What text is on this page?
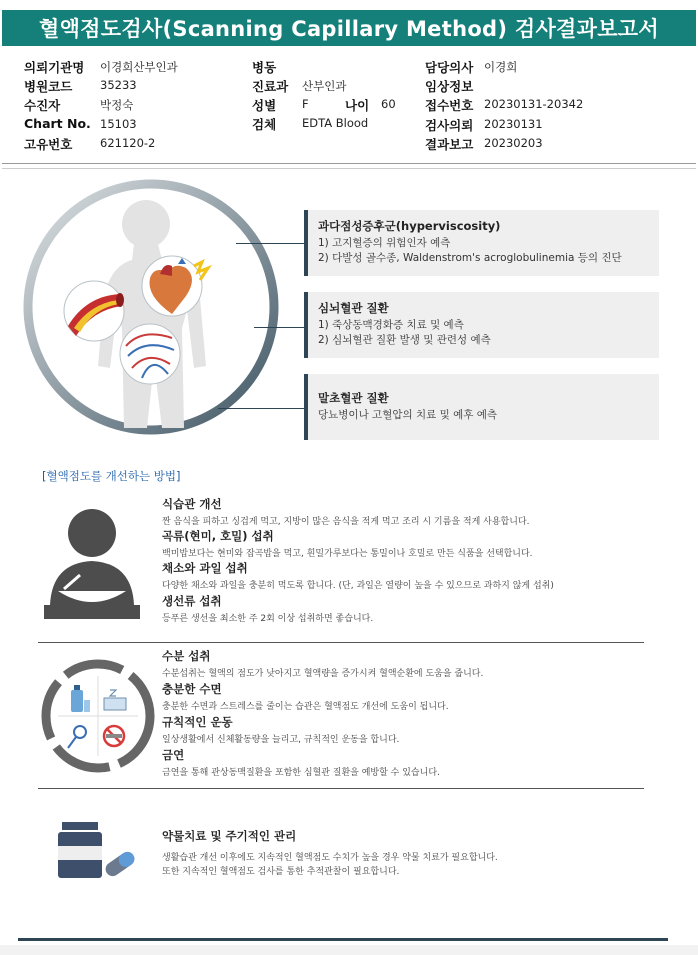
혈액점도검사(Scanning Capillary Method) 검사결과보고서
의뢰기관명 이경희산부인과
병원코드 35233
수진자	박정숙
Chart No. 15103
고유번호 621120-2
병동
진료과 산부인과
성별 F	나이 60
검체 EDTA Blood
담당의사 이경희
임상정보
접수번호 20230131-20342
검사의뢰 20230131
결과보고 20230203
과다점성증후군(hyperviscosity)
1) 고지혈증의 위험인자 예측
2) 다발성 골수종, Waldenstrom's acroglobulinemia 등의 진단
심뇌혈관 질환
1) 죽상동맥경화증 치료 및 예측
2) 심뇌혈관 질환 발생 및 관련성 예측
말초혈관 질환
당뇨병이나 고혈압의 치료 및 예후 예측
[혈액점도를 개선하는 방법]
식습관 개선
짠 음식을 피하고 싱겁게 먹고, 지방이 많은 음식을 적게 먹고 조리 시 기름을 적게 사용합니다.
곡류(현미, 호밀) 섭취
백미밥보다는 현미와 잡곡밥을 먹고, 흰밀가루보다는 통밀이나 호밀로 만든 식품을 선택합니다.
채소와 과일 섭취
다양한 채소와 과일을 충분히 먹도록 합니다. (단, 과일은 열량이 높을 수 있으므로 과하지 않게 섭취)
생선류 섭취
등푸른 생선을 최소한 주 2회 이상 섭취하면 좋습니다.
수분 섭취
수분섭취는 혈액의 점도가 낮아지고 혈액량을 증가시켜 혈액순환에 도움을 줍니다.
충분한 수면
충분한 수면과 스트레스를 줄이는 습관은 혈액점도 개선에 도움이 됩니다.
규칙적인 운동
일상생활에서 신체활동량을 늘리고, 규칙적인 운동을 합니다.
금연
금연을 통해 관상동맥질환을 포함한 심혈관 질환을 예방할 수 있습니다.
약물치료 및 주기적인 관리
생활습관 개선 이후에도 지속적인 혈액점도 수치가 높을 경우 약물 치료가 필요합니다.
또한 지속적인 혈액점도 검사를 통한 추적관찰이 필요합니다.
